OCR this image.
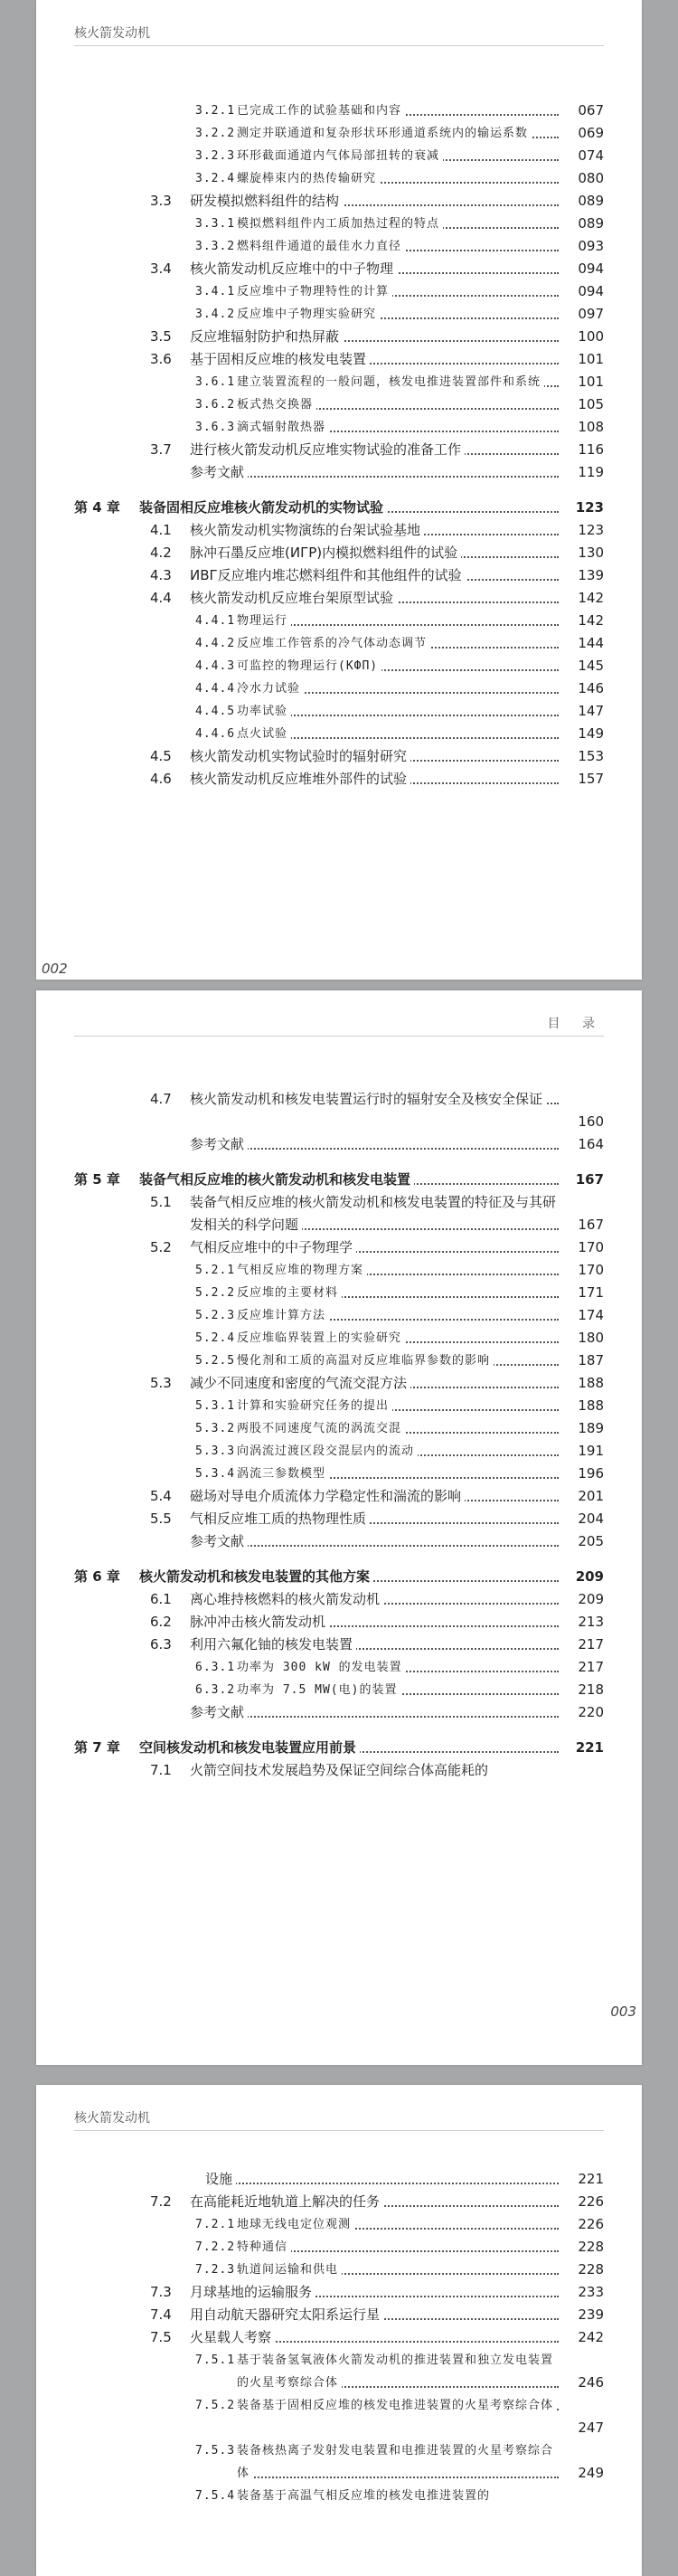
核火箭发动机
3.2.1 已完成工作的试验基础和内容	067
3.2.2 测定并联通道和复杂形状环形通道系统内的输运系数	069
3.2.3 环形截面通道内气体局部扭转的衰减	074
3.2.4 螺旋棒束内的热传输研究	080
3.3 研发模拟燃料组件的结构	089
3.3.1 模拟燃料组件内工质加热过程的特点	089
3.3.2 燃料组件通道的最佳水力直径	093
3.4 核火箭发动机反应堆中的中子物理	094
3.4.1 反应堆中子物理特性的计算	094
3.4.2 反应堆中子物理实验研究	097
3.5 反应堆辐射防护和热屏蔽	100
3.6 基于固相反应堆的核发电装置	101
3.6.1 建立装置流程的一般问题，核发电推进装置部件和系统	101
3.6.2 板式热交换器	105
3.6.3 滴式辐射散热器	108
3.7 进行核火箭发动机反应堆实物试验的准备工作	116
参考文献	119
第 4 章 装备固相反应堆核火箭发动机的实物试验	123
4.1 核火箭发动机实物演练的台架试验基地	123
4.2 脉冲石墨反应堆(ИГР)内模拟燃料组件的试验	130
4.3 ИВГ反应堆内堆芯燃料组件和其他组件的试验	139
4.4 核火箭发动机反应堆台架原型试验	142
4.4.1 物理运行	142
4.4.2 反应堆工作管系的冷气体动态调节	144
4.4.3 可监控的物理运行(КФП)	145
4.4.4 冷水力试验	146
4.4.5 功率试验	147
4.4.6 点火试验	149
4.5 核火箭发动机实物试验时的辐射研究	153
4.6 核火箭发动机反应堆堆外部件的试验	157
002
目 录
4.7 核火箭发动机和核发电装置运行时的辐射安全及核安全保证
160
参考文献	164
第 5 章 装备气相反应堆的核火箭发动机和核发电装置	167
5.1 装备气相反应堆的核火箭发动机和核发电装置的特征及与其研发相关的科学问题	167
5.2 气相反应堆中的中子物理学	170
5.2.1 气相反应堆的物理方案	170
5.2.2 反应堆的主要材料	171
5.2.3 反应堆计算方法	174
5.2.4 反应堆临界装置上的实验研究	180
5.2.5 慢化剂和工质的高温对反应堆临界参数的影响	187
5.3 减少不同速度和密度的气流交混方法	188
5.3.1 计算和实验研究任务的提出	188
5.3.2 两股不同速度气流的涡流交混	189
5.3.3 向涡流过渡区段交混层内的流动	191
5.3.4 涡流三参数模型	196
5.4 磁场对导电介质流体力学稳定性和湍流的影响	201
5.5 气相反应堆工质的热物理性质	204
参考文献	205
第 6 章 核火箭发动机和核发电装置的其他方案	209
6.1 离心堆持核燃料的核火箭发动机	209
6.2 脉冲冲击核火箭发动机	213
6.3 利用六氟化铀的核发电装置	217
6.3.1 功率为 300 kW 的发电装置	217
6.3.2 功率为 7.5 MW(电)的装置	218
参考文献	220
第 7 章 空间核发动机和核发电装置应用前景	221
7.1 火箭空间技术发展趋势及保证空间综合体高能耗的
003
核火箭发动机
设施	221
7.2 在高能耗近地轨道上解决的任务	226
7.2.1 地球无线电定位观测	226
7.2.2 特种通信	228
7.2.3 轨道间运输和供电	228
7.3 月球基地的运输服务	233
7.4 用自动航天器研究太阳系运行星	239
7.5 火星载人考察	242
7.5.1 基于装备氢氧液体火箭发动机的推进装置和独立发电装置的火星考察综合体	246
7.5.2 装备基于固相反应堆的核发电推进装置的火星考察综合体
247
7.5.3 装备核热离子发射发电装置和电推进装置的火星考察综合体	249
7.5.4 装备基于高温气相反应堆的核发电推进装置的
